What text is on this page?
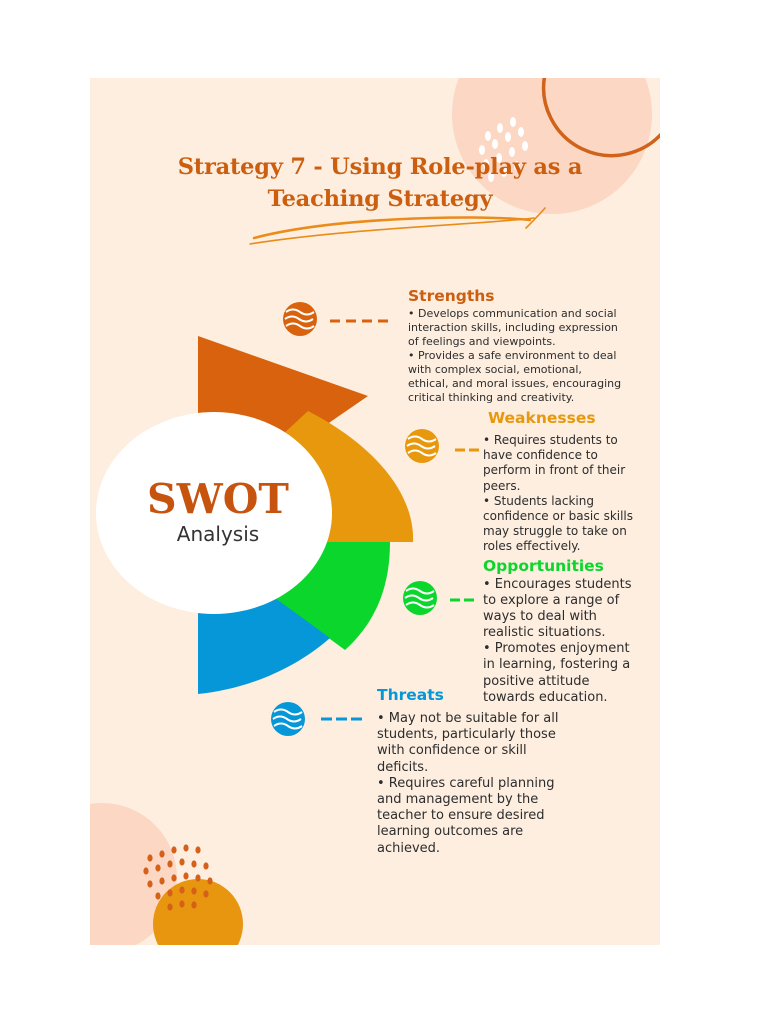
Strategy 7 - Using Role-play as a
Teaching Strategy
SWOT
Analysis
Strengths
• Develops communication and social
interaction skills, including expression
of feelings and viewpoints.
• Provides a safe environment to deal
with complex social, emotional,
ethical, and moral issues, encouraging
critical thinking and creativity.
Weaknesses
• Requires students to
have confidence to
perform in front of their
peers.
• Students lacking
confidence or basic skills
may struggle to take on
roles effectively.
Opportunities
• Encourages students
to explore a range of
ways to deal with
realistic situations.
• Promotes enjoyment
in learning, fostering a
positive attitude
towards education.
Threats
• May not be suitable for all
students, particularly those
with confidence or skill
deficits.
• Requires careful planning
and management by the
teacher to ensure desired
learning outcomes are
achieved.
